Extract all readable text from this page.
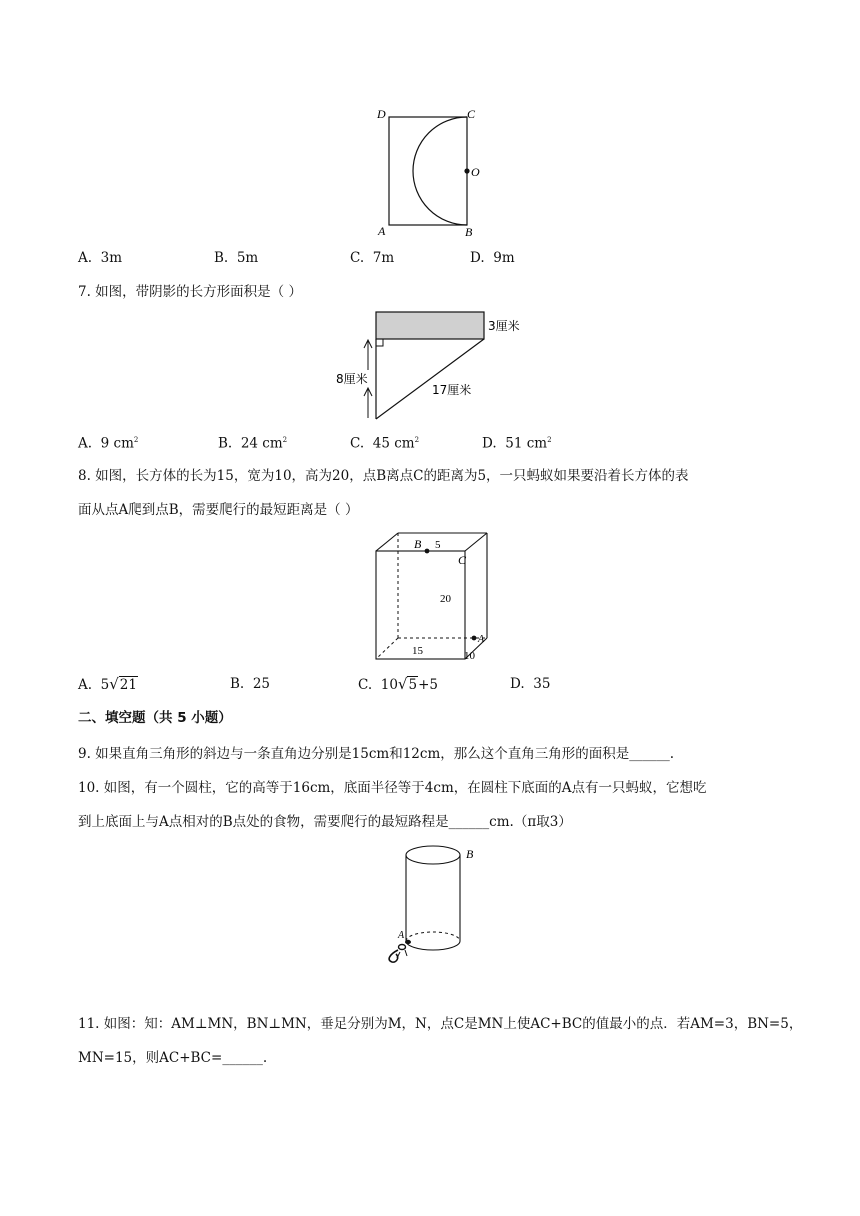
D	C
O
A	B
A. 3m	B. 5m	C. 7m	D. 9m
7. 如图，带阴影的长方形面积是（ ）
3厘米
8厘米
17厘米
A. 9 $cm^2$	B. 24 $cm^2$	C. 45 $cm^2$	D. 51 $cm^2$
8. 如图，长方体的长为15，宽为10，高为20，点B离点C的距离为5，一只蚂蚁如果要沿着长方体的表
面从点A爬到点B，需要爬行的最短距离是（ ）
B 5
C
20
A
15	10
A. 5√21	B. 25	C. 10√5+5	D. 35
二、填空题（共 5 小题）
9. 如果直角三角形的斜边与一条直角边分别是15cm和12cm，那么这个直角三角形的面积是______.
10. 如图，有一个圆柱，它的高等于16cm，底面半径等于4cm，在圆柱下底面的A点有一只蚂蚁，它想吃
到上底面上与A点相对的B点处的食物，需要爬行的最短路程是______cm.（π取3）
A
B
11. 如图：知：AM⊥MN，BN⊥MN，垂足分别为M，N，点C是MN上使AC+BC的值最小的点．若AM=3，BN=5，
MN=15，则AC+BC=______.
